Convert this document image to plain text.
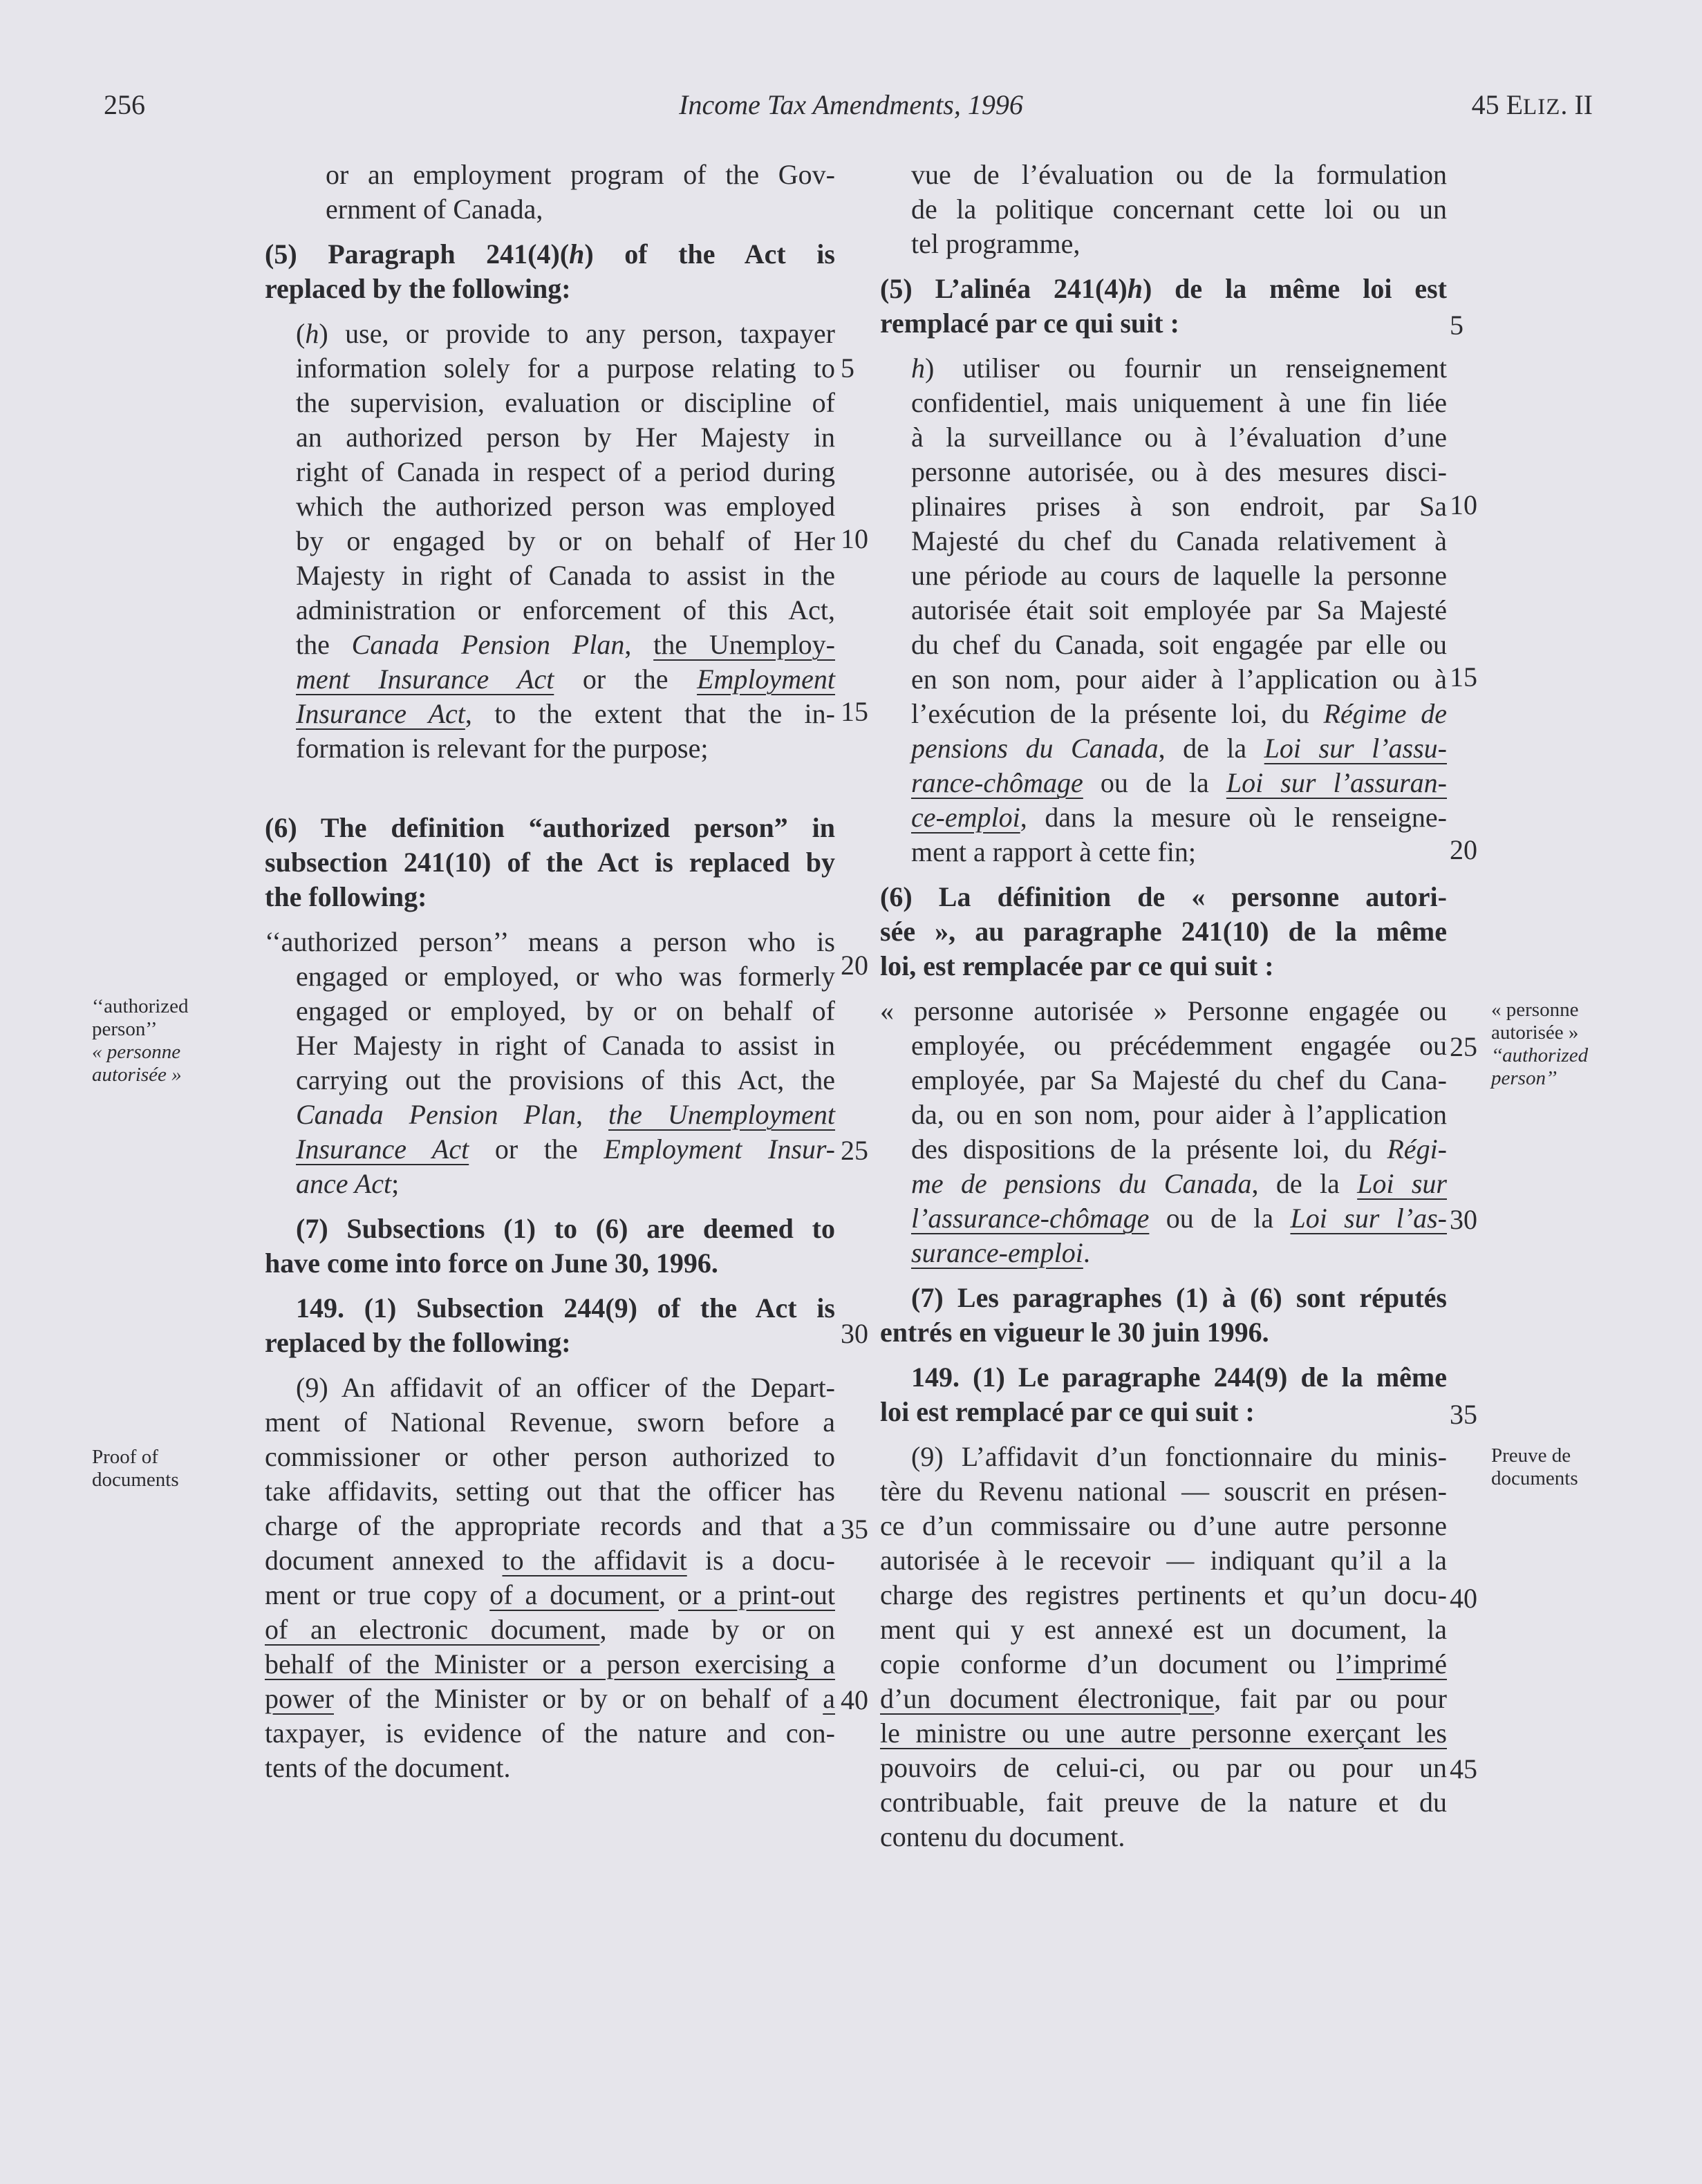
256	Income Tax Amendments, 1996	45 ELIZ. II

or an employment program of the Gov-

ernment of Canada,

(5) Paragraph 241(4)(h) of the Act is

replaced by the following:

(h) use, or provide to any person, taxpayer

information solely for a purpose relating to

the supervision, evaluation or discipline of

an authorized person by Her Majesty in

right of Canada in respect of a period during

which the authorized person was employed

by or engaged by or on behalf of Her

Majesty in right of Canada to assist in the

administration or enforcement of this Act,

the Canada Pension Plan, the Unemploy-

ment Insurance Act or the Employment

Insurance Act, to the extent that the in-

formation is relevant for the purpose;

(6) The definition “authorized person” in

subsection 241(10) of the Act is replaced by

the following:

‘‘authorized person’’ means a person who is

engaged or employed, or who was formerly

engaged or employed, by or on behalf of

Her Majesty in right of Canada to assist in

carrying out the provisions of this Act, the

Canada Pension Plan, the Unemployment

Insurance Act or the Employment Insur-

ance Act;

(7) Subsections (1) to (6) are deemed to

have come into force on June 30, 1996.

149. (1) Subsection 244(9) of the Act is

replaced by the following:

(9) An affidavit of an officer of the Depart-

ment of National Revenue, sworn before a

commissioner or other person authorized to

take affidavits, setting out that the officer has

charge of the appropriate records and that a

document annexed to the affidavit is a docu-

ment or true copy of a document, or a print-out

of an electronic document, made by or on

behalf of the Minister or a person exercising a

power of the Minister or by or on behalf of a

taxpayer, is evidence of the nature and con-

tents of the document.

vue de l’évaluation ou de la formulation

de la politique concernant cette loi ou un

tel programme,

(5) L’alinéa 241(4)h) de la même loi est

remplacé par ce qui suit :

h) utiliser ou fournir un renseignement

confidentiel, mais uniquement à une fin liée

à la surveillance ou à l’évaluation d’une

personne autorisée, ou à des mesures disci-

plinaires prises à son endroit, par Sa

Majesté du chef du Canada relativement à

une période au cours de laquelle la personne

autorisée était soit employée par Sa Majesté

du chef du Canada, soit engagée par elle ou

en son nom, pour aider à l’application ou à

l’exécution de la présente loi, du Régime de

pensions du Canada, de la Loi sur l’assu-

rance-chômage ou de la Loi sur l’assuran-

ce-emploi, dans la mesure où le renseigne-

ment a rapport à cette fin;

(6) La définition de « personne autori-

sée », au paragraphe 241(10) de la même

loi, est remplacée par ce qui suit :

« personne autorisée » Personne engagée ou

employée, ou précédemment engagée ou

employée, par Sa Majesté du chef du Cana-

da, ou en son nom, pour aider à l’application

des dispositions de la présente loi, du Régi-

me de pensions du Canada, de la Loi sur

l’assurance-chômage ou de la Loi sur l’as-

surance-emploi.

(7) Les paragraphes (1) à (6) sont réputés

entrés en vigueur le 30 juin 1996.

149. (1) Le paragraphe 244(9) de la même

loi est remplacé par ce qui suit :

(9) L’affidavit d’un fonctionnaire du minis-

tère du Revenu national — souscrit en présen-

ce d’un commissaire ou d’une autre personne

autorisée à le recevoir — indiquant qu’il a la

charge des registres pertinents et qu’un docu-

ment qui y est annexé est un document, la

copie conforme d’un document ou l’imprimé

d’un document électronique, fait par ou pour

le ministre ou une autre personne exerçant les

pouvoirs de celui-ci, ou par ou pour un

contribuable, fait preuve de la nature et du

contenu du document.

5
10
15
20
25
30
35
40
5
10
15
20
25
30
35
40
45
‘‘authorized
person’’
« personne
autorisée »
Proof of
documents
« personne
autorisée »
‘‘authorized
person’’
Preuve de
documents
